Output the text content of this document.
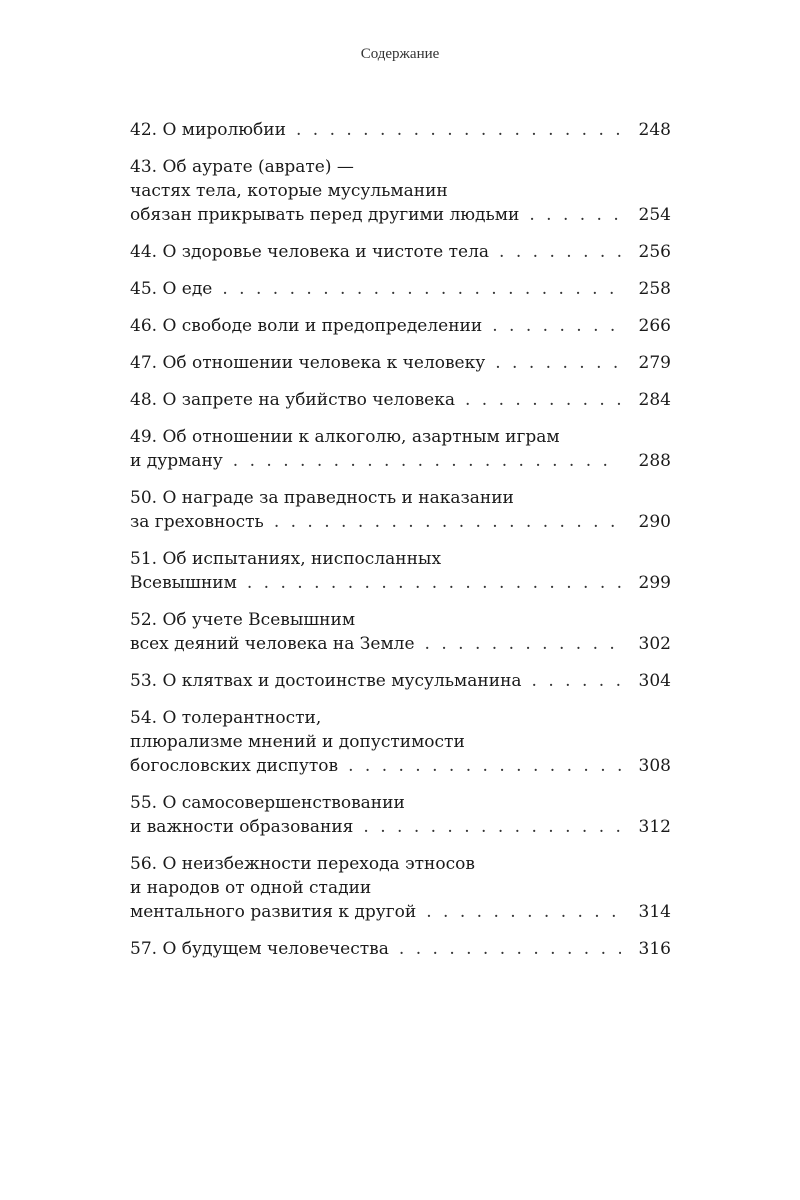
Содержание
42. О миролюбии . . .	248
43. Об аурате (аврате) —
частях тела, которые мусульманин
обязан прикрывать перед другими людьми . . .	254
44. О здоровье человека и чистоте тела . . .	256
45. О еде . . .	258
46. О свободе воли и предопределении . . .	266
47. Об отношении человека к человеку . . .	279
48. О запрете на убийство человека . . .	284
49. Об отношении к алкоголю, азартным играм
и дурману . . .	288
50. О награде за праведность и наказании
за греховность . . .	290
51. Об испытаниях, ниспосланных
Всевышним . . .	299
52. Об учете Всевышним
всех деяний человека на Земле . . .	302
53. О клятвах и достоинстве мусульманина . . .	304
54. О толерантности,
плюрализме мнений и допустимости
богословских диспутов . . .	308
55. О самосовершенствовании
и важности образования . . .	312
56. О неизбежности перехода этносов
и народов от одной стадии
ментального развития к другой . . .	314
57. О будущем человечества . . .	316
